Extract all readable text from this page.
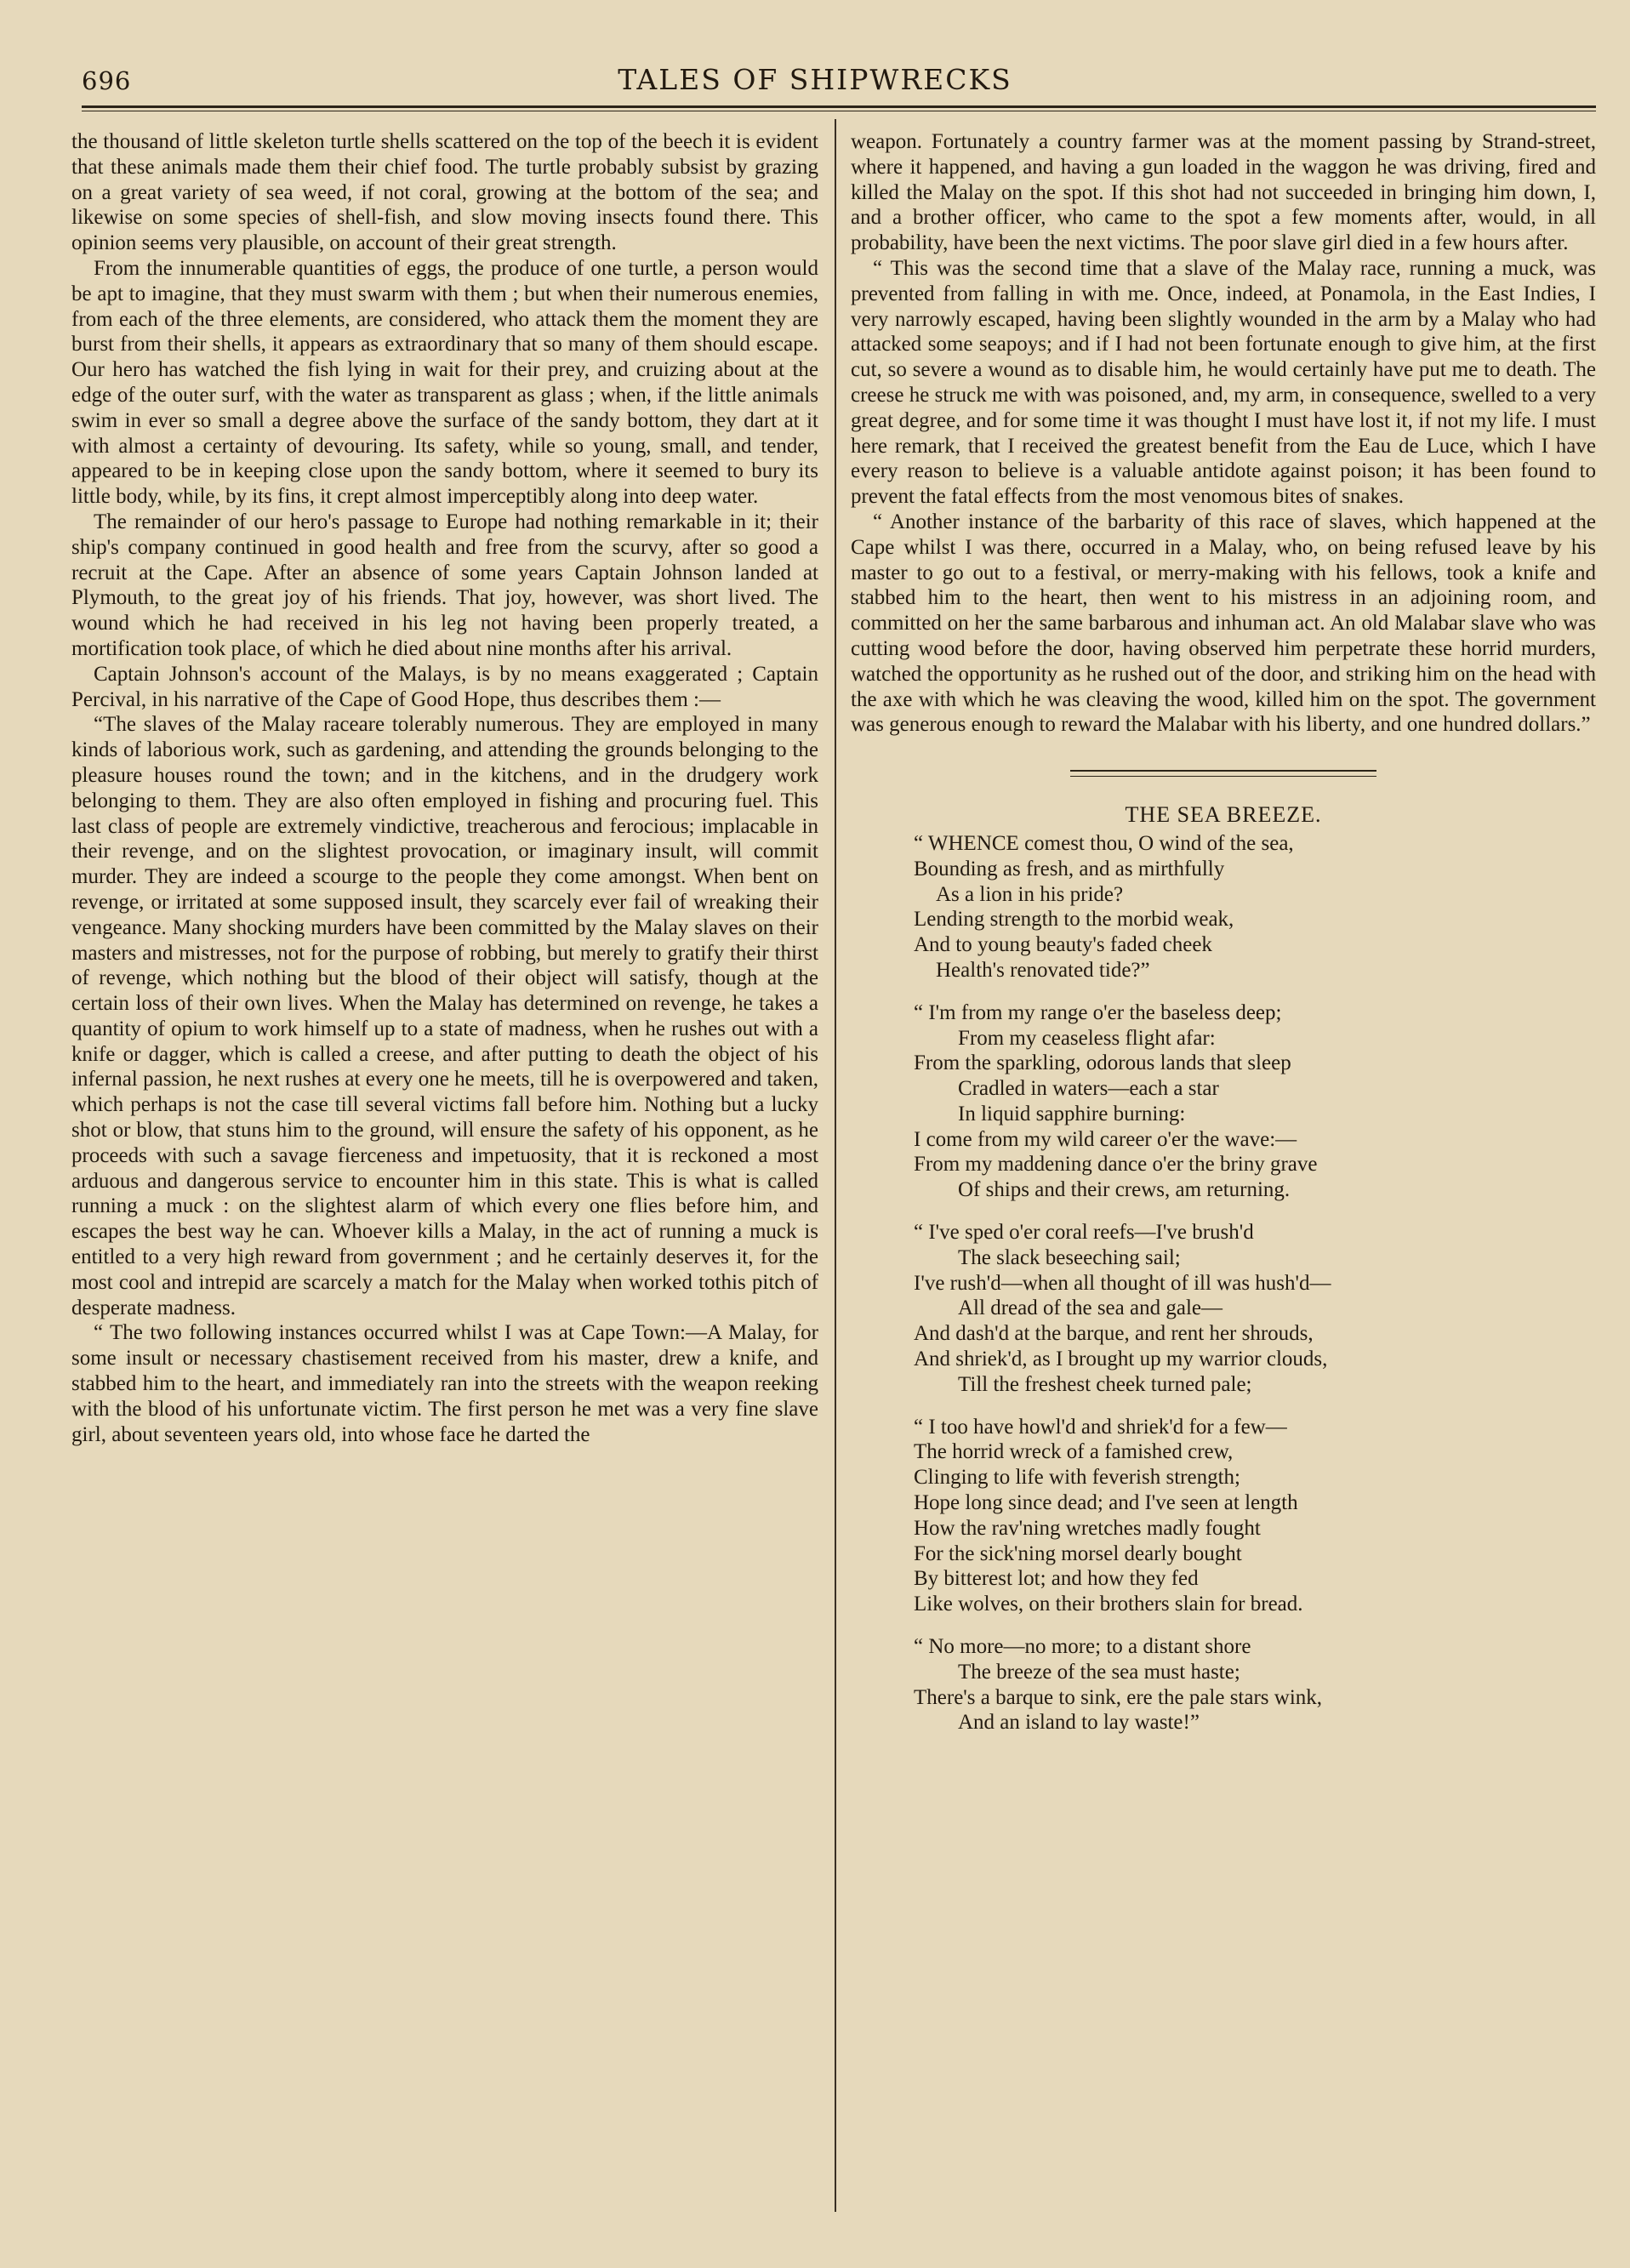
696	TALES OF SHIPWRECKS

the thousand of little skeleton turtle shells scattered on the top of the beech it is evident that these animals made them their chief food. The turtle probably subsist by grazing on a great variety of sea weed, if not coral, growing at the bottom of the sea; and likewise on some species of shell-fish, and slow moving insects found there. This opinion seems very plausible, on account of their great strength.

From the innumerable quantities of eggs, the produce of one turtle, a person would be apt to imagine, that they must swarm with them ; but when their numerous enemies, from each of the three elements, are considered, who attack them the moment they are burst from their shells, it appears as extraordinary that so many of them should escape. Our hero has watched the fish lying in wait for their prey, and cruizing about at the edge of the outer surf, with the water as transparent as glass ; when, if the little animals swim in ever so small a degree above the surface of the sandy bottom, they dart at it with almost a certainty of devouring. Its safety, while so young, small, and tender, appeared to be in keeping close upon the sandy bottom, where it seemed to bury its little body, while, by its fins, it crept almost imperceptibly along into deep water.

The remainder of our hero's passage to Europe had nothing remarkable in it; their ship's company continued in good health and free from the scurvy, after so good a recruit at the Cape. After an absence of some years Captain Johnson landed at Plymouth, to the great joy of his friends. That joy, however, was short lived. The wound which he had received in his leg not having been properly treated, a mortification took place, of which he died about nine months after his arrival.

Captain Johnson's account of the Malays, is by no means exaggerated ; Captain Percival, in his narrative of the Cape of Good Hope, thus describes them :—

“The slaves of the Malay raceare tolerably numerous. They are employed in many kinds of laborious work, such as gardening, and attending the grounds belonging to the pleasure houses round the town; and in the kitchens, and in the drudgery work belonging to them. They are also often employed in fishing and procuring fuel. This last class of people are extremely vindictive, treacherous and ferocious; implacable in their revenge, and on the slightest provocation, or imaginary insult, will commit murder. They are indeed a scourge to the people they come amongst. When bent on revenge, or irritated at some supposed insult, they scarcely ever fail of wreaking their vengeance. Many shocking murders have been committed by the Malay slaves on their masters and mistresses, not for the purpose of robbing, but merely to gratify their thirst of revenge, which nothing but the blood of their object will satisfy, though at the certain loss of their own lives. When the Malay has determined on revenge, he takes a quantity of opium to work himself up to a state of madness, when he rushes out with a knife or dagger, which is called a creese, and after putting to death the object of his infernal passion, he next rushes at every one he meets, till he is overpowered and taken, which perhaps is not the case till several victims fall before him. Nothing but a lucky shot or blow, that stuns him to the ground, will ensure the safety of his opponent, as he proceeds with such a savage fierceness and impetuosity, that it is reckoned a most arduous and dangerous service to encounter him in this state. This is what is called running a muck : on the slightest alarm of which every one flies before him, and escapes the best way he can. Whoever kills a Malay, in the act of running a muck is entitled to a very high reward from government ; and he certainly deserves it, for the most cool and intrepid are scarcely a match for the Malay when worked tothis pitch of desperate madness.

“ The two following instances occurred whilst I was at Cape Town:—A Malay, for some insult or necessary chastisement received from his master, drew a knife, and stabbed him to the heart, and immediately ran into the streets with the weapon reeking with the blood of his unfortunate victim. The first person he met was a very fine slave girl, about seventeen years old, into whose face he darted the

weapon. Fortunately a country farmer was at the moment passing by Strand-street, where it happened, and having a gun loaded in the waggon he was driving, fired and killed the Malay on the spot. If this shot had not succeeded in bringing him down, I, and a brother officer, who came to the spot a few moments after, would, in all probability, have been the next victims. The poor slave girl died in a few hours after.

“ This was the second time that a slave of the Malay race, running a muck, was prevented from falling in with me. Once, indeed, at Ponamola, in the East Indies, I very narrowly escaped, having been slightly wounded in the arm by a Malay who had attacked some seapoys; and if I had not been fortunate enough to give him, at the first cut, so severe a wound as to disable him, he would certainly have put me to death. The creese he struck me with was poisoned, and, my arm, in consequence, swelled to a very great degree, and for some time it was thought I must have lost it, if not my life. I must here remark, that I received the greatest benefit from the Eau de Luce, which I have every reason to believe is a valuable antidote against poison; it has been found to prevent the fatal effects from the most venomous bites of snakes.

“ Another instance of the barbarity of this race of slaves, which happened at the Cape whilst I was there, occurred in a Malay, who, on being refused leave by his master to go out to a festival, or merry-making with his fellows, took a knife and stabbed him to the heart, then went to his mistress in an adjoining room, and committed on her the same barbarous and inhuman act. An old Malabar slave who was cutting wood before the door, having observed him perpetrate these horrid murders, watched the opportunity as he rushed out of the door, and striking him on the head with the axe with which he was cleaving the wood, killed him on the spot. The government was generous enough to reward the Malabar with his liberty, and one hundred dollars.”

THE SEA BREEZE.
“ WHENCE comest thou, O wind of the sea,
Bounding as fresh, and as mirthfully
As a lion in his pride?
Lending strength to the morbid weak,
And to young beauty's faded cheek
Health's renovated tide?”
“ I'm from my range o'er the baseless deep;
From my ceaseless flight afar:
From the sparkling, odorous lands that sleep
Cradled in waters—each a star
In liquid sapphire burning:
I come from my wild career o'er the wave:—
From my maddening dance o'er the briny grave
Of ships and their crews, am returning.
“ I've sped o'er coral reefs—I've brush'd
The slack beseeching sail;
I've rush'd—when all thought of ill was hush'd—
All dread of the sea and gale—
And dash'd at the barque, and rent her shrouds,
And shriek'd, as I brought up my warrior clouds,
Till the freshest cheek turned pale;
“ I too have howl'd and shriek'd for a few—
The horrid wreck of a famished crew,
Clinging to life with feverish strength;
Hope long since dead; and I've seen at length
How the rav'ning wretches madly fought
For the sick'ning morsel dearly bought
By bitterest lot; and how they fed
Like wolves, on their brothers slain for bread.
“ No more—no more; to a distant shore
The breeze of the sea must haste;
There's a barque to sink, ere the pale stars wink,
And an island to lay waste!”
